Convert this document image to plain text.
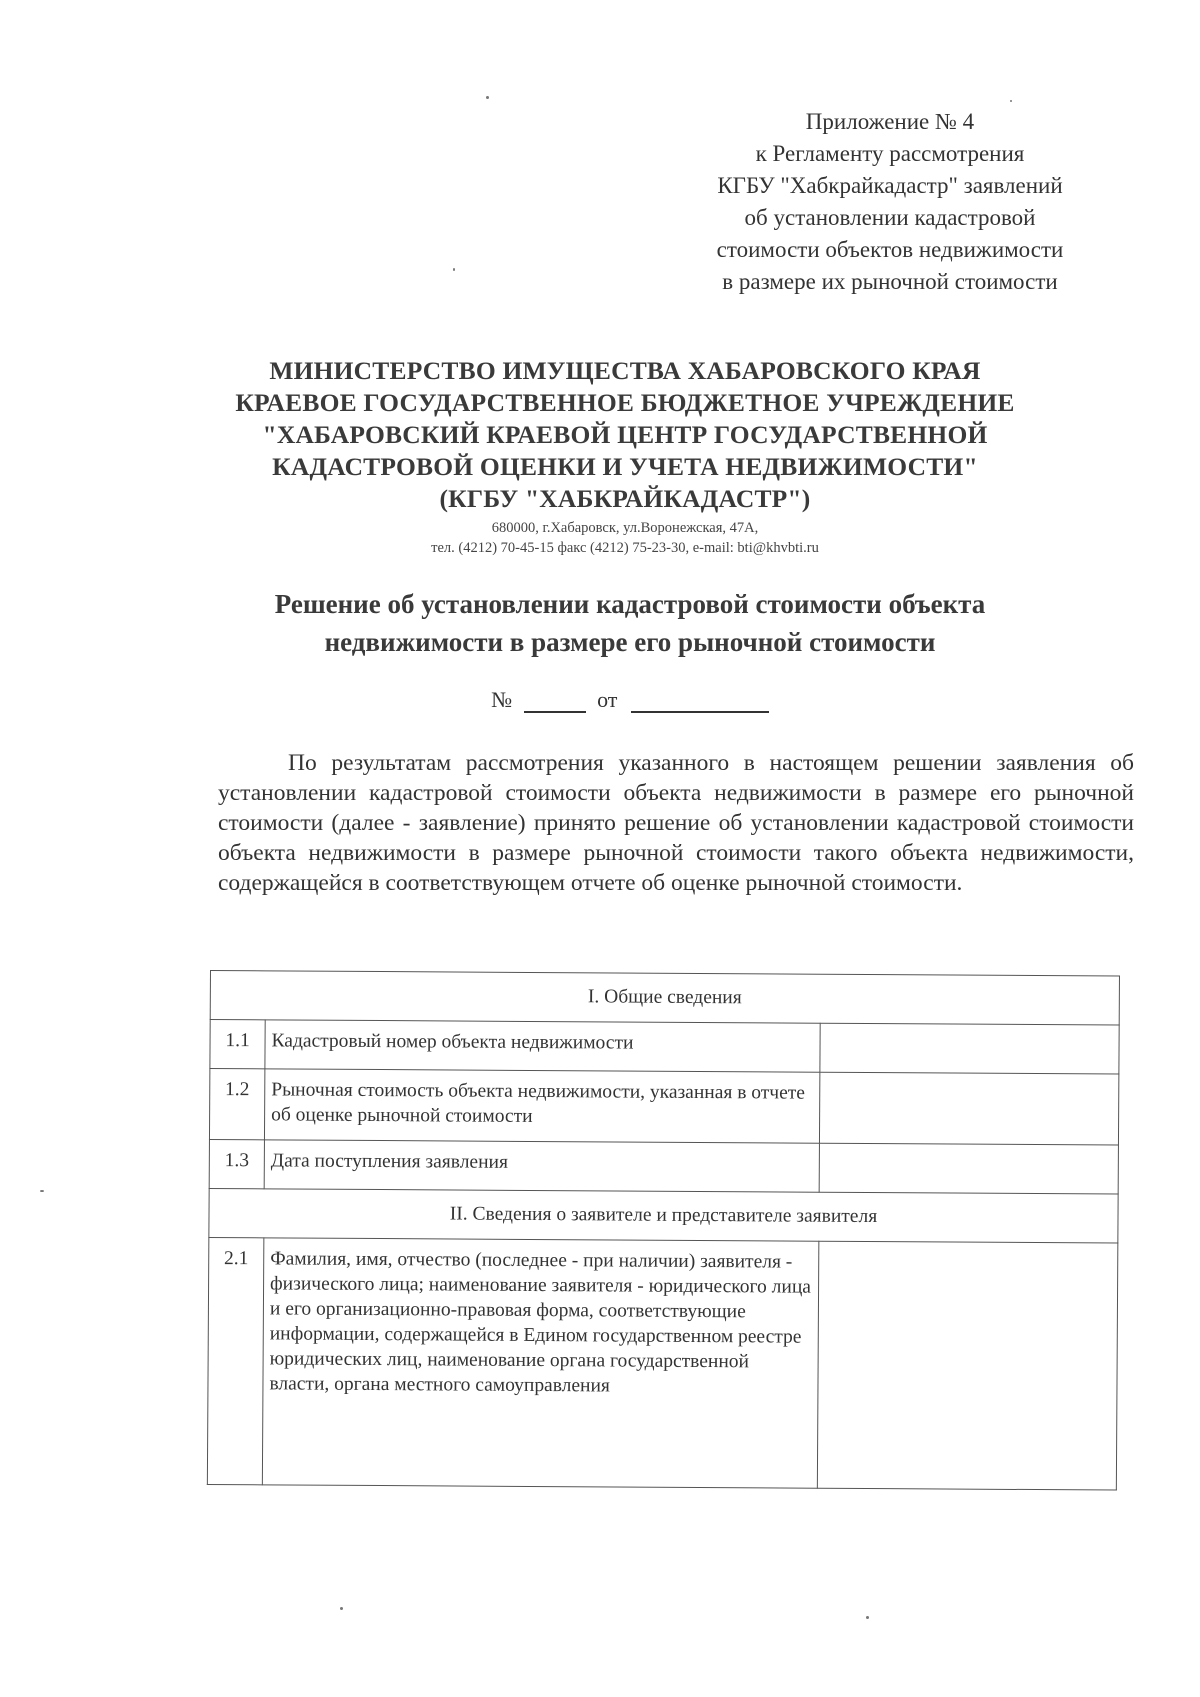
Приложение № 4
к Регламенту рассмотрения
КГБУ "Хабкрайкадастр" заявлений
об установлении кадастровой
стоимости объектов недвижимости
в размере их рыночной стоимости
МИНИСТЕРСТВО ИМУЩЕСТВА ХАБАРОВСКОГО КРАЯ
КРАЕВОЕ ГОСУДАРСТВЕННОЕ БЮДЖЕТНОЕ УЧРЕЖДЕНИЕ
"ХАБАРОВСКИЙ КРАЕВОЙ ЦЕНТР ГОСУДАРСТВЕННОЙ
КАДАСТРОВОЙ ОЦЕНКИ И УЧЕТА НЕДВИЖИМОСТИ"
(КГБУ "ХАБКРАЙКАДАСТР")
680000, г.Хабаровск, ул.Воронежская, 47А,
тел. (4212) 70-45-15 факс (4212) 75-23-30, e-mail: bti@khvbti.ru
Решение об установлении кадастровой стоимости объекта
недвижимости в размере его рыночной стоимости
№	от
По результатам рассмотрения указанного в настоящем решении заявления об установлении кадастровой стоимости объекта недвижимости в размере его рыночной стоимости (далее - заявление) принято решение об установлении кадастровой стоимости объекта недвижимости в размере рыночной стоимости такого объекта недвижимости, содержащейся в соответствующем отчете об оценке рыночной стоимости.
I. Общие сведения		
1.1	Кадастровый номер объекта недвижимости	
1.2	Рыночная стоимость объекта недвижимости, указанная в отчете об оценке рыночной стоимости	
1.3	Дата поступления заявления	
II. Сведения о заявителе и представителе заявителя		
2.1	Фамилия, имя, отчество (последнее - при наличии) заявителя - физического лица; наименование заявителя - юридического лица и его организационно-правовая форма, соответствующие информации, содержащейся в Едином государственном реестре юридических лиц, наименование органа государственной власти, органа местного самоуправления	
